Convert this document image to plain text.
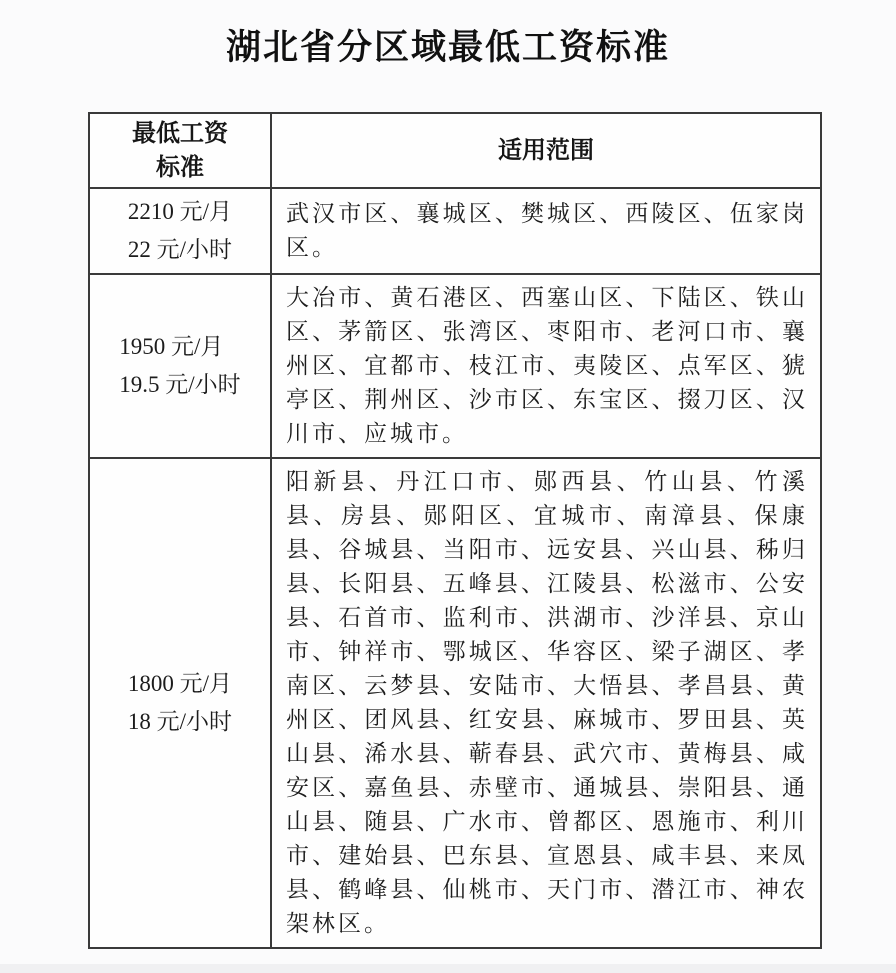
湖北省分区域最低工资标准
最低工资标准	适用范围

2210 元/月
22 元/小时	武汉市区、襄城区、樊城区、西陵区、伍家岗区。

1950 元/月
19.5 元/小时	大冶市、黄石港区、西塞山区、下陆区、铁山区、茅箭区、张湾区、枣阳市、老河口市、襄州区、宜都市、枝江市、夷陵区、点军区、猇亭区、荆州区、沙市区、东宝区、掇刀区、汉川市、应城市。

1800 元/月
18 元/小时	阳新县、丹江口市、郧西县、竹山县、竹溪县、房县、郧阳区、宜城市、南漳县、保康县、谷城县、当阳市、远安县、兴山县、秭归县、长阳县、五峰县、江陵县、松滋市、公安县、石首市、监利市、洪湖市、沙洋县、京山市、钟祥市、鄂城区、华容区、梁子湖区、孝南区、云梦县、安陆市、大悟县、孝昌县、黄州区、团风县、红安县、麻城市、罗田县、英山县、浠水县、蕲春县、武穴市、黄梅县、咸安区、嘉鱼县、赤壁市、通城县、崇阳县、通山县、随县、广水市、曾都区、恩施市、利川市、建始县、巴东县、宣恩县、咸丰县、来凤县、鹤峰县、仙桃市、天门市、潜江市、神农架林区。
